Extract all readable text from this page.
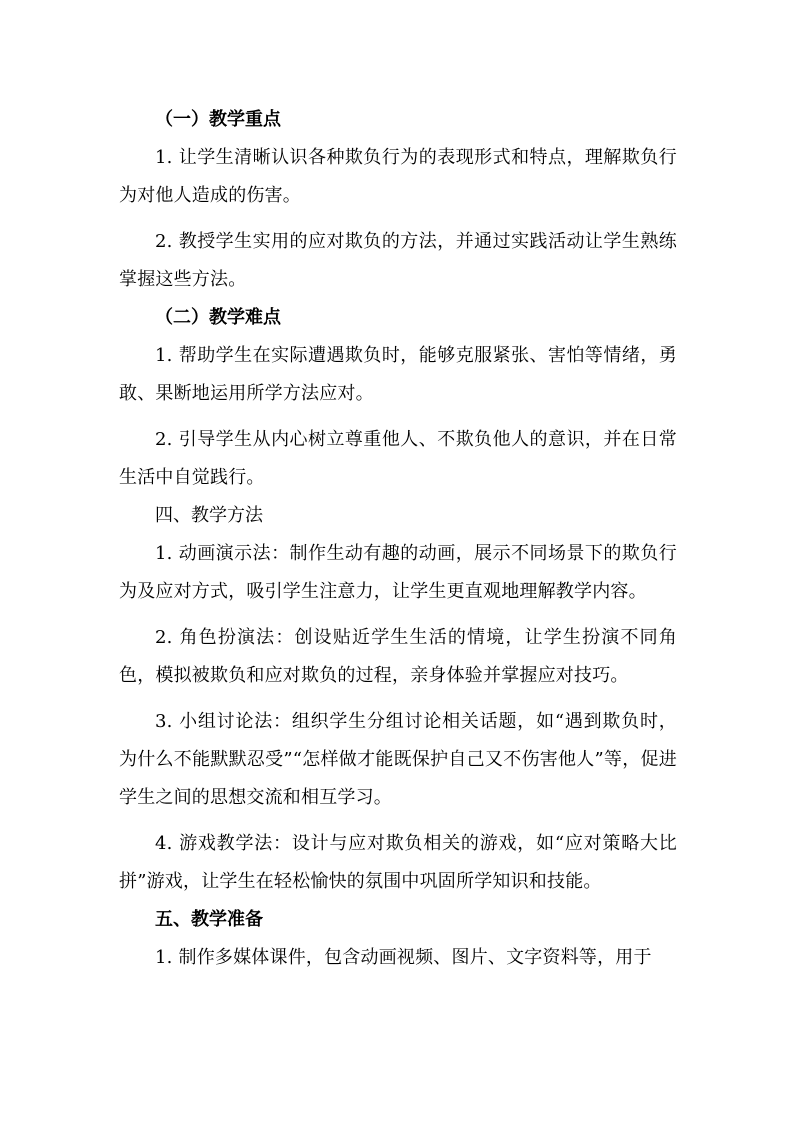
（一）教学重点

1. 让学生清晰认识各种欺负行为的表现形式和特点，理解欺负行为对他人造成的伤害。

2. 教授学生实用的应对欺负的方法，并通过实践活动让学生熟练掌握这些方法。

（二）教学难点

1. 帮助学生在实际遭遇欺负时，能够克服紧张、害怕等情绪，勇敢、果断地运用所学方法应对。

2. 引导学生从内心树立尊重他人、不欺负他人的意识，并在日常生活中自觉践行。

四、教学方法

1. 动画演示法：制作生动有趣的动画，展示不同场景下的欺负行为及应对方式，吸引学生注意力，让学生更直观地理解教学内容。

2. 角色扮演法：创设贴近学生生活的情境，让学生扮演不同角色，模拟被欺负和应对欺负的过程，亲身体验并掌握应对技巧。

3. 小组讨论法：组织学生分组讨论相关话题，如“遇到欺负时，为什么不能默默忍受”“怎样做才能既保护自己又不伤害他人”等，促进学生之间的思想交流和相互学习。

4. 游戏教学法：设计与应对欺负相关的游戏，如“应对策略大比拼”游戏，让学生在轻松愉快的氛围中巩固所学知识和技能。

五、教学准备

1. 制作多媒体课件，包含动画视频、图片、文字资料等，用于
